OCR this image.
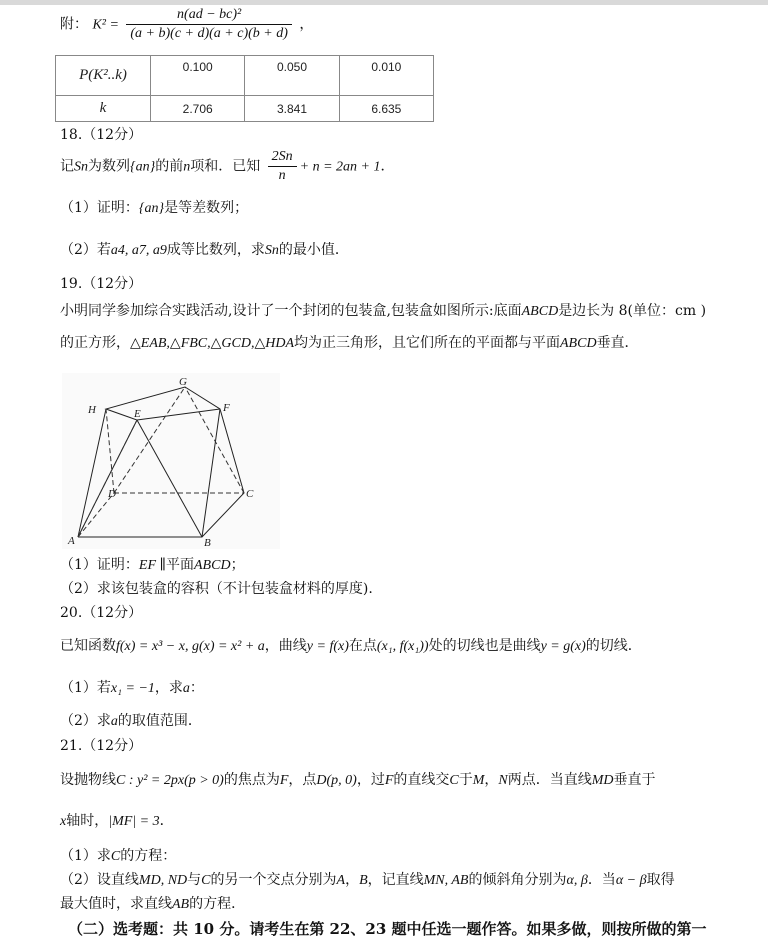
附： $K^2 = \frac{\text{n(ad − bc)²}}{(a + b)(c + d)(a + c)(b + d)}$ ，
P(K²..k)	0.100	0.050	0.010
k	2.706	3.841	6.635
18.（12分）
记Sn为数列{an}的前n项和．已知 $\frac{2Sn}{n} + n = 2an + 1$．
（1）证明：{an}是等差数列；
（2）若a4, a7, a9成等比数列，求Sn的最小值．
19.（12分）
小明同学参加综合实践活动,设计了一个封闭的包装盒,包装盒如图所示:底面ABCD是边长为 8(单位：cm )
的正方形，△EAB,△FBC,△GCD,△HDA均为正三角形，且它们所在的平面都与平面ABCD垂直．
A	B
C
D
E	F
G
H
（1）证明：EF ∥平面ABCD；
（2）求该包装盒的容积（不计包装盒材料的厚度).
20.（12分）
已知函数f(x) = x³ − x, g(x) = x² + a，曲线y = f(x)在点(x₁, f(x₁))处的切线也是曲线y = g(x)的切线．
（1）若x₁ = −1，求a：
（2）求a的取值范围．
21.（12分）
设抛物线C : y² = 2px(p > 0)的焦点为F，点D(p, 0)，过F的直线交C于M，N两点．当直线MD垂直于
x轴时，|MF| = 3．
（1）求C的方程：
（2）设直线MD, ND与C的另一个交点分别为A，B，记直线MN, AB的倾斜角分别为α, β．当α − β取得
最大值时，求直线AB的方程．
（二）选考题：共 10 分。请考生在第 22、23 题中任选一题作答。如果多做，则按所做的第一
